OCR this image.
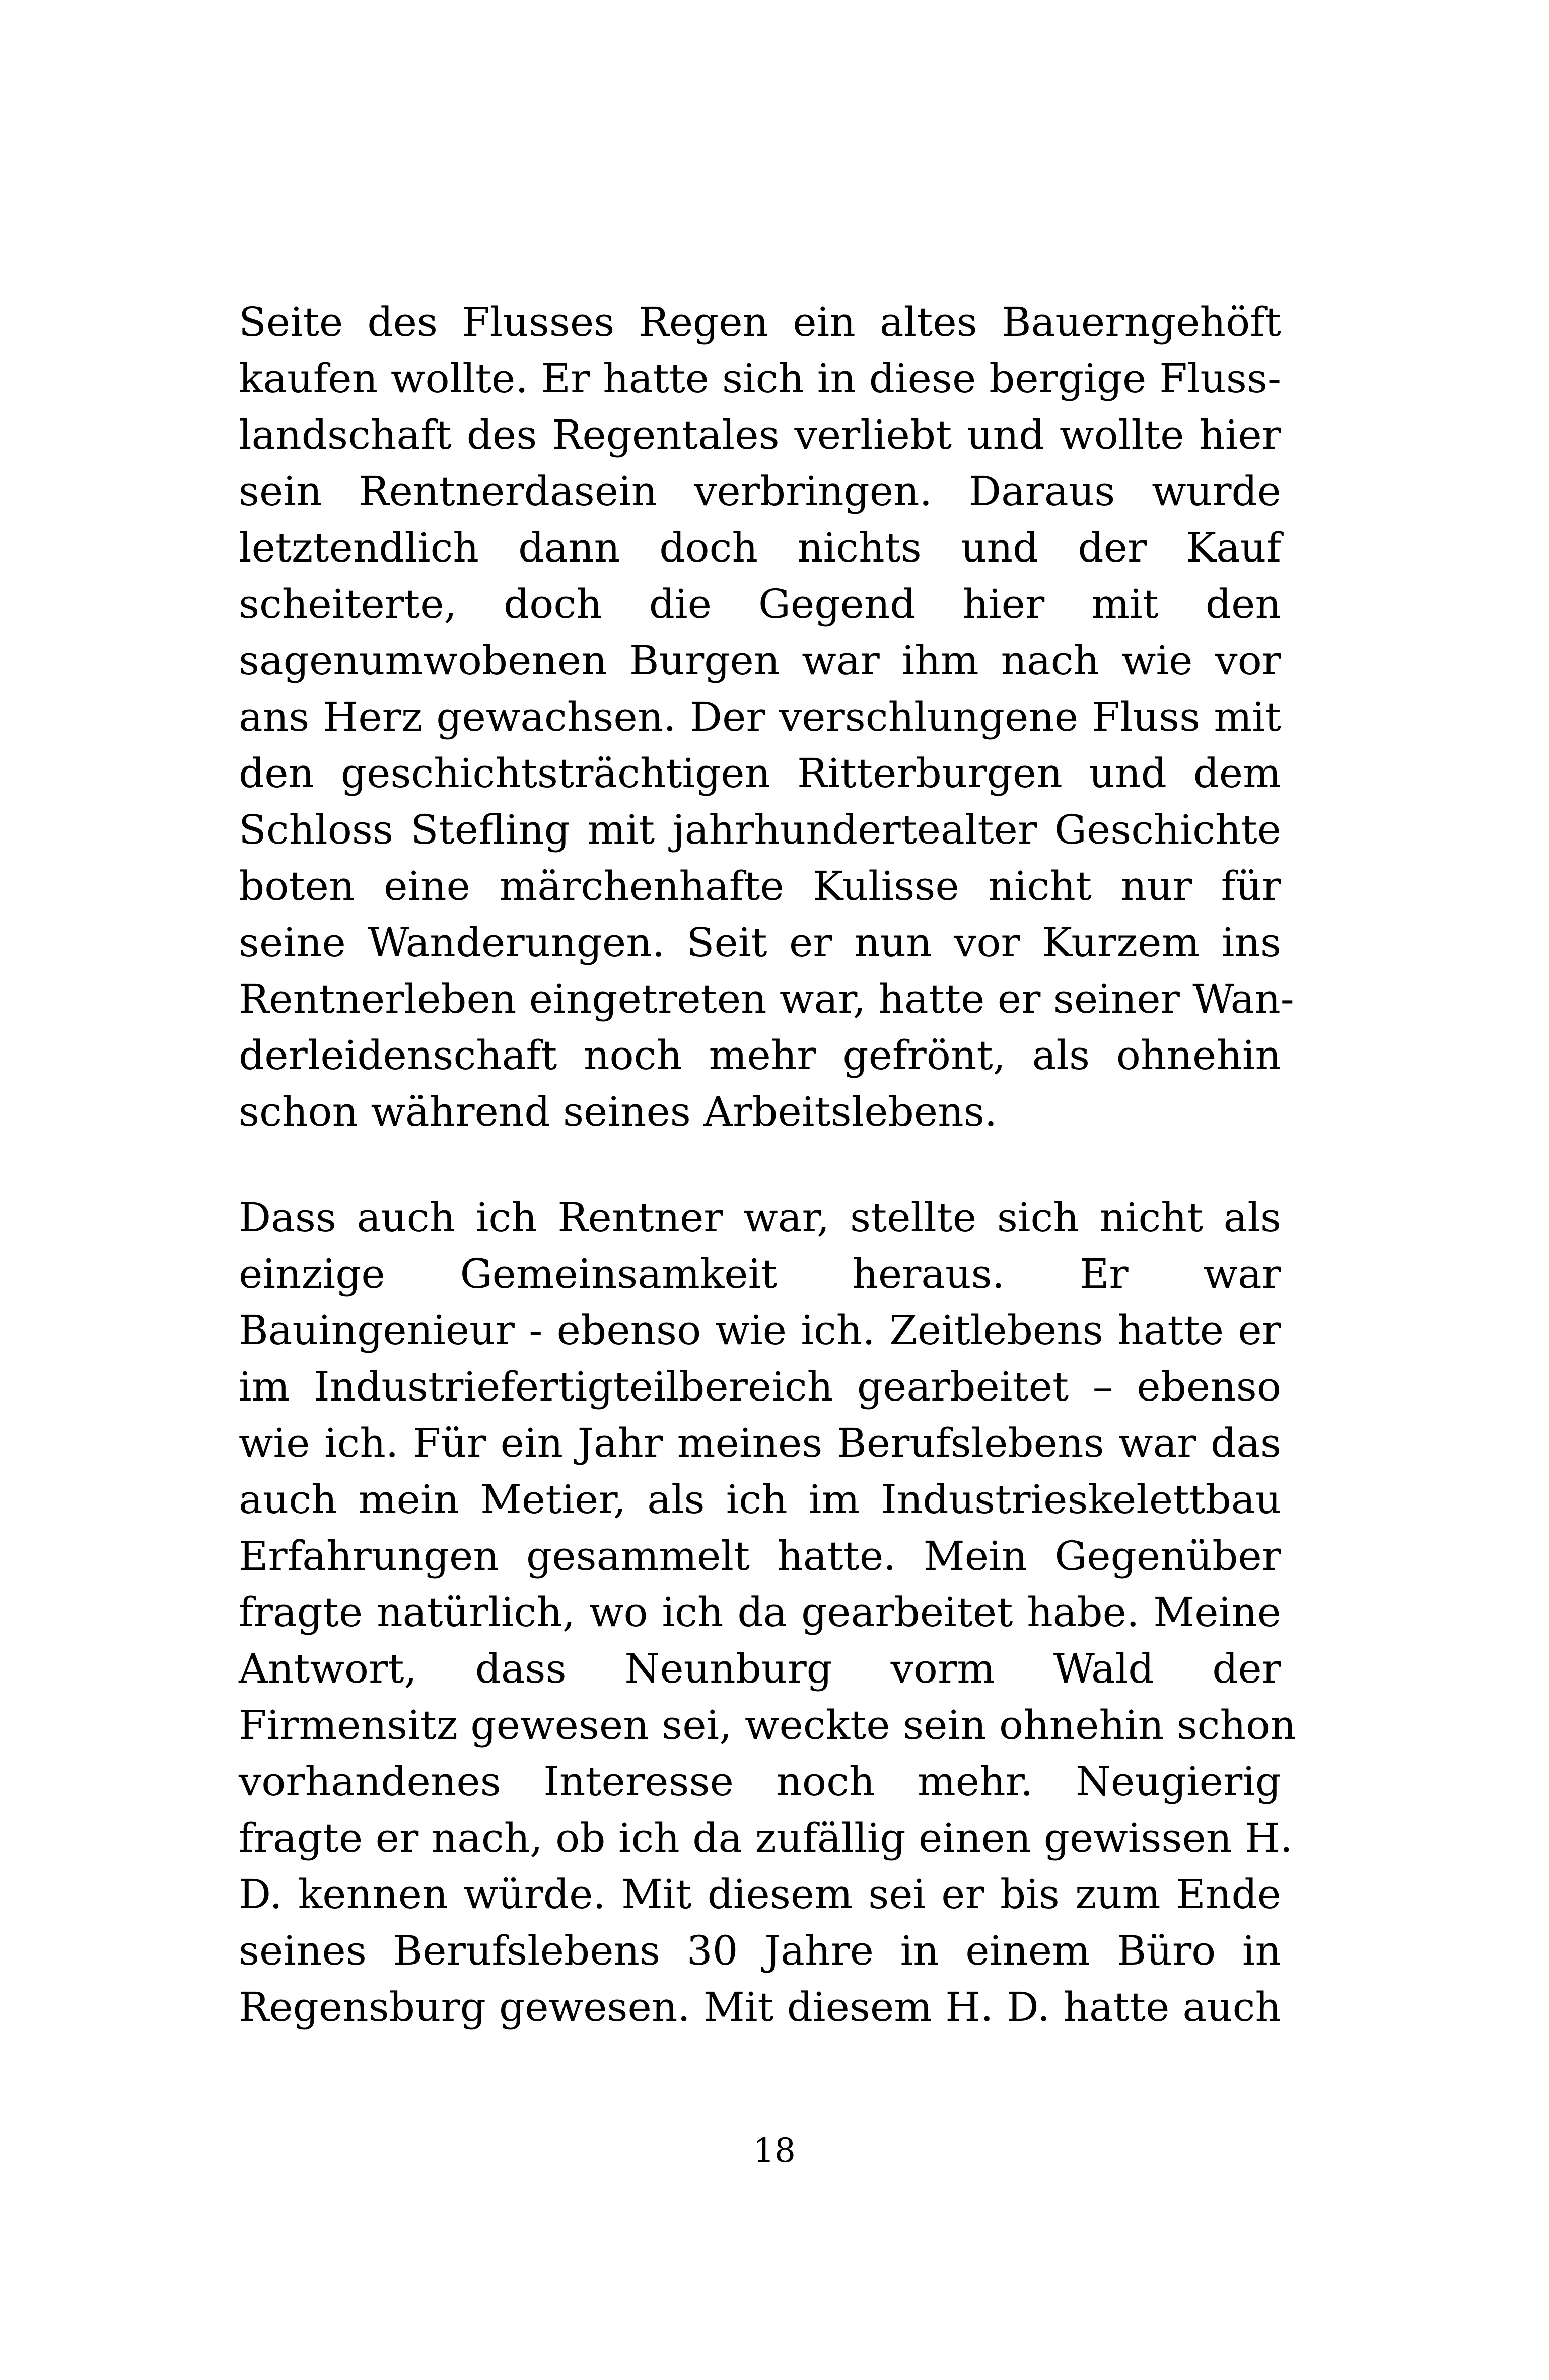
Seite des Flusses Regen ein altes Bauerngehöft
kaufen wollte. Er hatte sich in diese bergige Fluss-
landschaft des Regentales verliebt und wollte hier
sein Rentnerdasein verbringen. Daraus wurde
letztendlich dann doch nichts und der Kauf
scheiterte, doch die Gegend hier mit den
sagenumwobenen Burgen war ihm nach wie vor
ans Herz gewachsen. Der verschlungene Fluss mit
den geschichtsträchtigen Ritterburgen und dem
Schloss Stefling mit jahrhundertealter Geschichte
boten eine märchenhafte Kulisse nicht nur für
seine Wanderungen. Seit er nun vor Kurzem ins
Rentnerleben eingetreten war, hatte er seiner Wan-
derleidenschaft noch mehr gefrönt, als ohnehin
schon während seines Arbeitslebens.
Dass auch ich Rentner war, stellte sich nicht als
einzige Gemeinsamkeit heraus. Er war
Bauingenieur - ebenso wie ich. Zeitlebens hatte er
im Industriefertigteilbereich gearbeitet – ebenso
wie ich. Für ein Jahr meines Berufslebens war das
auch mein Metier, als ich im Industrieskelettbau
Erfahrungen gesammelt hatte. Mein Gegenüber
fragte natürlich, wo ich da gearbeitet habe. Meine
Antwort, dass Neunburg vorm Wald der
Firmensitz gewesen sei, weckte sein ohnehin schon
vorhandenes Interesse noch mehr. Neugierig
fragte er nach, ob ich da zufällig einen gewissen H.
D. kennen würde. Mit diesem sei er bis zum Ende
seines Berufslebens 30 Jahre in einem Büro in
Regensburg gewesen. Mit diesem H. D. hatte auch
18
